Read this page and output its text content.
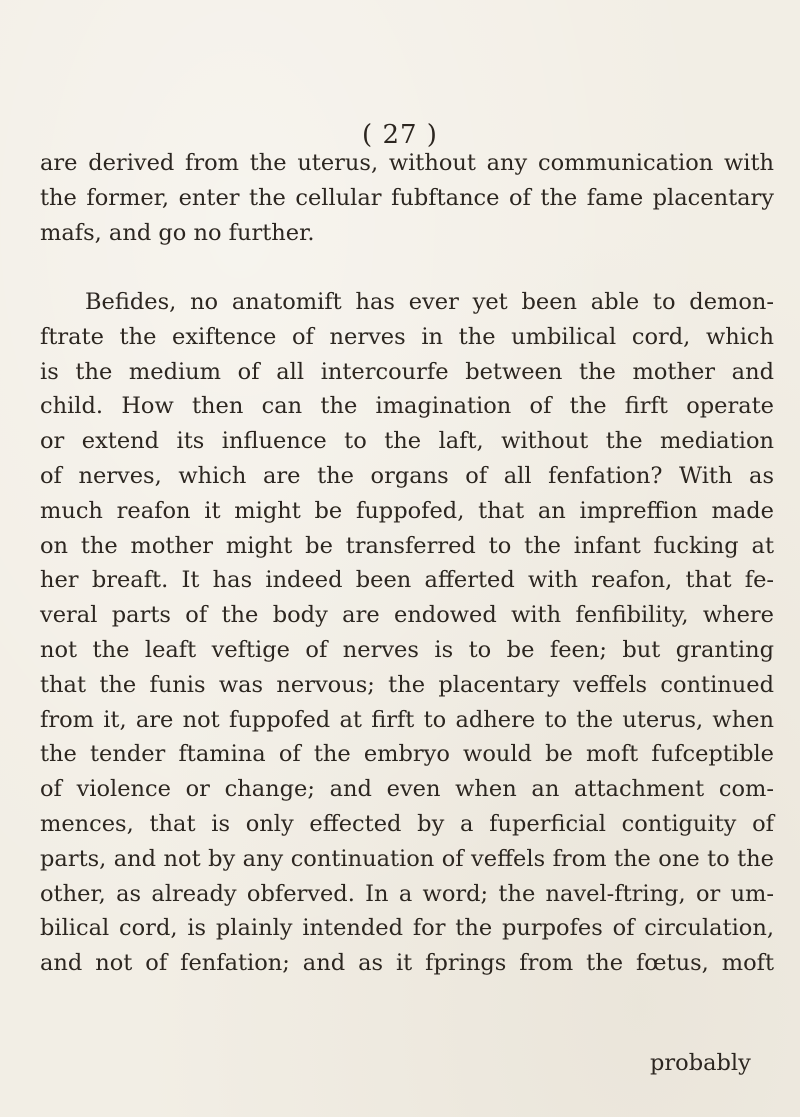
( 27 )
are derived from the uterus, without any communication with
the former, enter the cellular fubftance of the fame placentary
mafs, and go no further.
Befides, no anatomift has ever yet been able to demon-
ftrate the exiftence of nerves in the umbilical cord, which
is the medium of all intercourfe between the mother and
child. How then can the imagination of the firft operate
or extend its influence to the laft, without the mediation
of nerves, which are the organs of all fenfation? With as
much reafon it might be fuppofed, that an impreffion made
on the mother might be transferred to the infant fucking at
her breaft. It has indeed been afferted with reafon, that fe-
veral parts of the body are endowed with fenfibility, where
not the leaft veftige of nerves is to be feen; but granting
that the funis was nervous; the placentary veffels continued
from it, are not fuppofed at firft to adhere to the uterus, when
the tender ftamina of the embryo would be moft fufceptible
of violence or change; and even when an attachment com-
mences, that is only effected by a fuperficial contiguity of
parts, and not by any continuation of veffels from the one to the
other, as already obferved. In a word; the navel-ftring, or um-
bilical cord, is plainly intended for the purpofes of circulation,
and not of fenfation; and as it fprings from the fœtus, moft
probably
